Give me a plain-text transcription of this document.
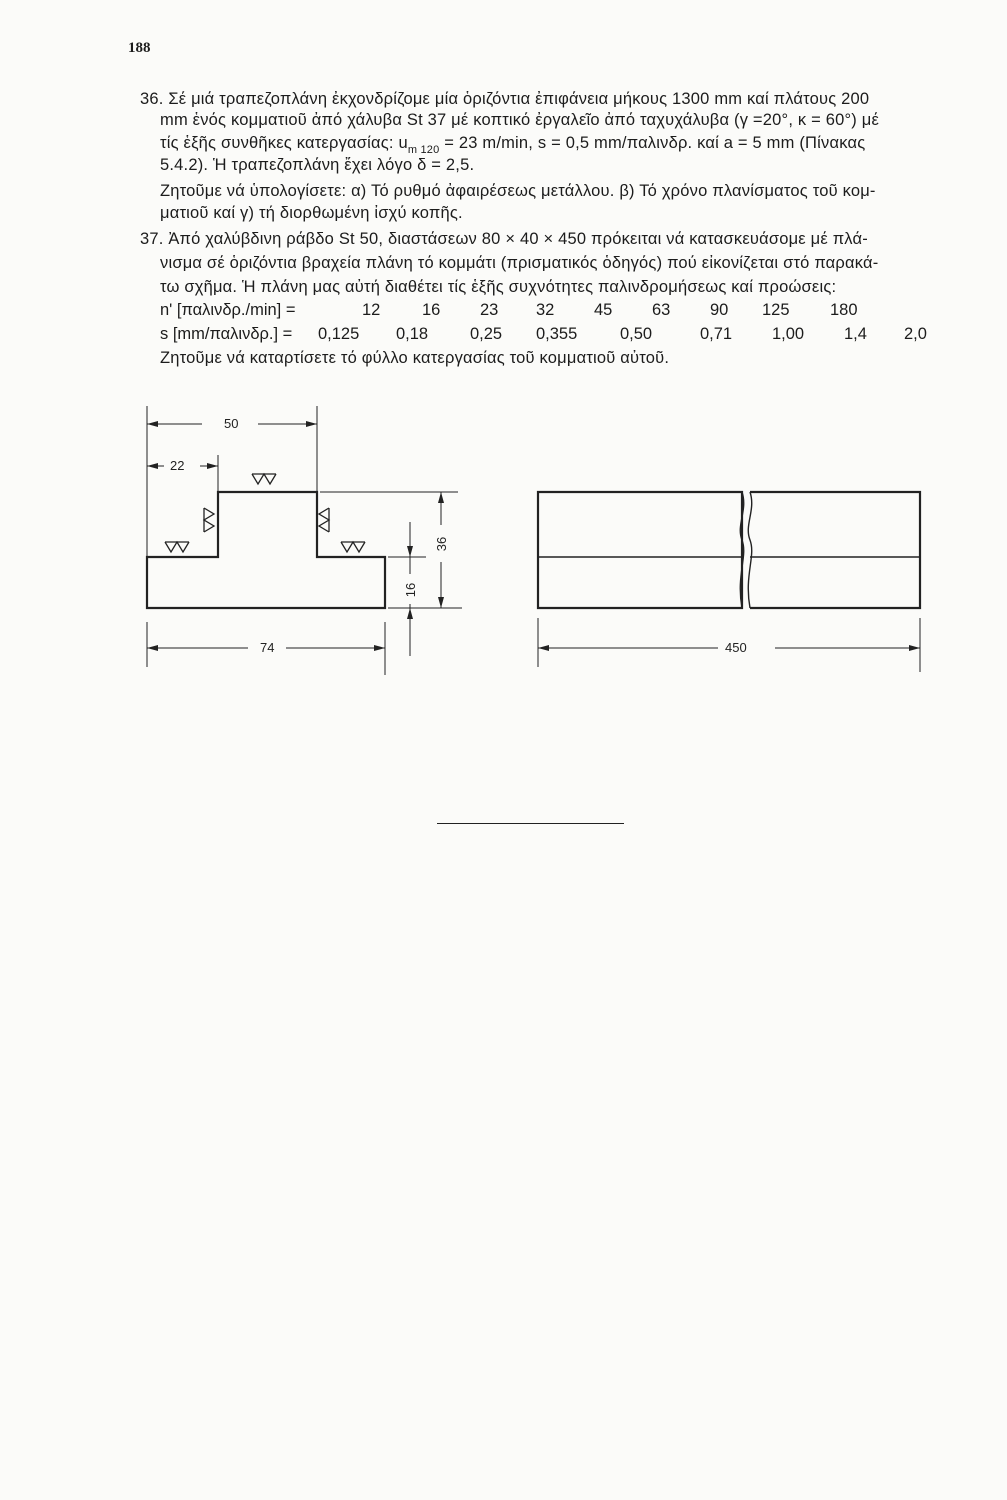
188
36. Σέ μιά τραπεζοπλάνη ἐκχονδρίζομε μία ὁριζόντια ἐπιφάνεια μήκους 1300 mm καί πλάτους 200
mm ἑνός κομματιοῦ ἀπό χάλυβα St 37 μέ κοπτικό ἐργαλεῖο ἀπό ταχυχάλυβα (γ =20°, κ = 60°) μέ
τίς ἑξῆς συνθῆκες κατεργασίας: $u_{m 120} = 23$ m/min, s = 0,5 mm/παλινδρ. καί a = 5 mm (Πίνακας
5.4.2). Ἡ τραπεζοπλάνη ἔχει λόγο δ = 2,5.
Ζητοῦμε νά ὑπολογίσετε: α) Τό ρυθμό ἀφαιρέσεως μετάλλου. β) Τό χρόνο πλανίσματος τοῦ κομ-
ματιοῦ καί γ) τή διορθωμένη ἰσχύ κοπῆς.
37. Ἀπό χαλύβδινη ράβδο St 50, διαστάσεων 80 × 40 × 450 πρόκειται νά κατασκευάσομε μέ πλά-
νισμα σέ ὁριζόντια βραχεία πλάνη τό κομμάτι (πρισματικός ὁδηγός) πού εἰκονίζεται στό παρακά-
τω σχῆμα. Ἡ πλάνη μας αὐτή διαθέτει τίς ἑξῆς συχνότητες παλινδρομήσεως καί προώσεις:
n' [παλινδρ./min] =	12	16 23 32 45 63 90 125 180
s [mm/παλινδρ.] = 0,125 0,18	0,25 0,355	0,50	0,71 1,00 1,4 2,0
Ζητοῦμε νά καταρτίσετε τό φύλλο κατεργασίας τοῦ κομματιοῦ αὐτοῦ.
50
22
74	450
36
16
